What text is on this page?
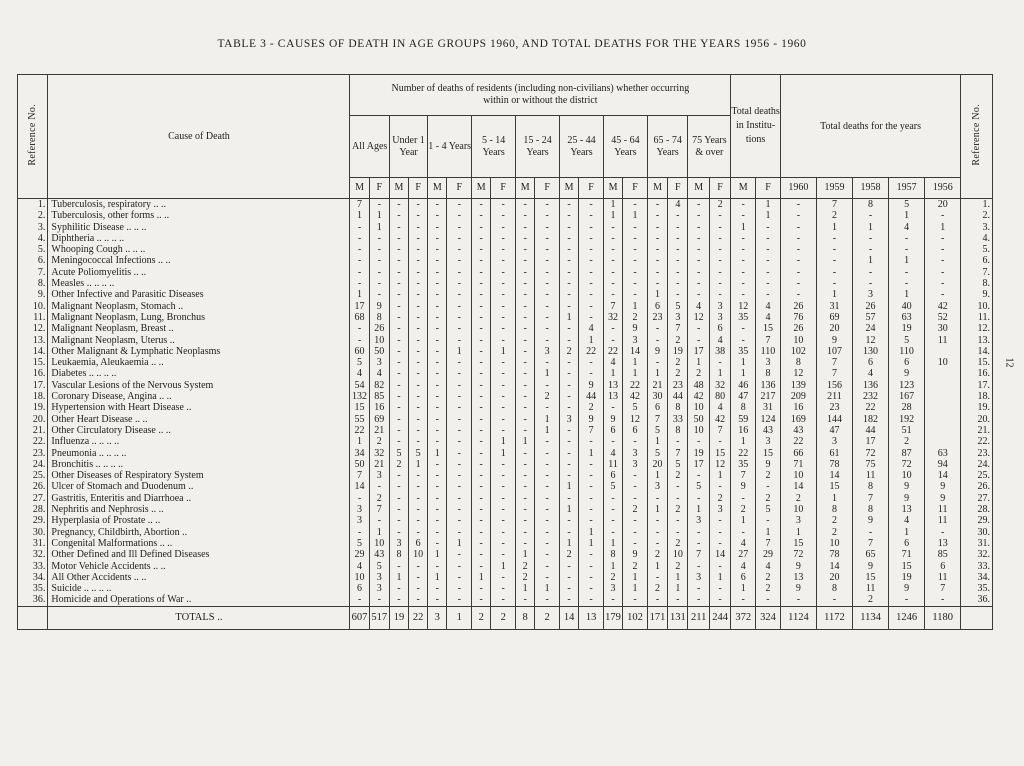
TABLE 3 - CAUSES OF DEATH IN AGE GROUPS 1960, AND TOTAL DEATHS FOR THE YEARS 1956 - 1960
12
Reference No.	Cause of Death	Number of deaths of residents (including non-civilians) whether occurring within or without the district																		Total deaths in Institu- tions		Total deaths for the years					Reference No.
		All Ages		Under 1 Year		1 - 4 Years		5 - 14 Years		15 - 24 Years		25 - 44 Years		45 - 64 Years		65 - 74 Years		75 Years & over									
		M	F	M	F	M	F	M	F	M	F	M	F	M	F	M	F	M	F	M	F	1960	1959	1958	1957	1956	
1.	Tuberculosis, respiratory .. ..	7	-	-	-	-	-	-	-	-	-	-	-	1	-	-	4	-	2	-	1	-	7	8	5	20	1.
2.	Tuberculosis, other forms .. ..	1	1	-	-	-	-	-	-	-	-	-	-	1	1	-	-	-	-	-	1	-	2	-	1	-	2.
3.	Syphilitic Disease .. .. ..	-	1	-	-	-	-	-	-	-	-	-	-	-	-	-	-	-	-	1	-	-	1	1	4	1	3.
4.	Diphtheria .. .. .. ..	-	-	-	-	-	-	-	-	-	-	-	-	-	-	-	-	-	-	-	-	-	-	-	-	-	4.
5.	Whooping Cough .. .. ..	-	-	-	-	-	-	-	-	-	-	-	-	-	-	-	-	-	-	-	-	-	-	-	-	-	5.
6.	Meningococcal Infections .. ..	-	-	-	-	-	-	-	-	-	-	-	-	-	-	-	-	-	-	-	-	-	-	1	1	-	6.
7.	Acute Poliomyelitis .. ..	-	-	-	-	-	-	-	-	-	-	-	-	-	-	-	-	-	-	-	-	-	-	-	-	-	7.
8.	Measles .. .. .. ..	-	-	-	-	-	-	-	-	-	-	-	-	-	-	-	-	-	-	-	-	-	-	-	-	-	8.
9.	Other Infective and Parasitic Diseases	1	-	-	-	-	-	-	-	-	-	-	-	-	-	1	-	-	-	-	-	-	1	3	1	-	9.
10.	Malignant Neoplasm, Stomach ..	17	9	-	-	-	-	-	-	-	-	-	-	7	1	6	5	4	3	12	4	26	31	26	40	42	10.
11.	Malignant Neoplasm, Lung, Bronchus	68	8	-	-	-	-	-	-	-	-	1	-	32	2	23	3	12	3	35	4	76	69	57	63	52	11.
12.	Malignant Neoplasm, Breast ..	-	26	-	-	-	-	-	-	-	-	-	4	-	9	-	7	-	6	-	15	26	20	24	19	30	12.
13.	Malignant Neoplasm, Uterus ..	-	10	-	-	-	-	-	-	-	-	-	1	-	3	-	2	-	4	-	7	10	9	12	5	11	13.
14.	Other Malignant & Lymphatic Neoplasms	60	50	-	-	-	1	-	1	-	3	2	22	22	14	9	19	17	38	35	110	102	107	130	110		14.
15.	Leukaemia, Aleukaemia .. ..	5	3	-	-	-	-	-	-	-	-	-	-	4	1	-	2	1	-	1	3	8	7	6	6	10	15.
16.	Diabetes .. .. .. ..	4	4	-	-	-	-	-	-	-	1	-	-	1	1	1	2	2	1	1	8	12	7	4	9		16.
17.	Vascular Lesions of the Nervous System	54	82	-	-	-	-	-	-	-	-	-	9	13	22	21	23	48	32	46	136	139	156	136	123		17.
18.	Coronary Disease, Angina .. ..	132	85	-	-	-	-	-	-	-	2	-	44	13	42	30	44	42	80	47	217	209	211	232	167		18.
19.	Hypertension with Heart Disease ..	15	16	-	-	-	-	-	-	-	-	-	2	-	5	6	8	10	4	8	31	16	23	22	28		19.
20.	Other Heart Disease .. ..	55	69	-	-	-	-	-	-	-	1	3	9	9	12	7	33	50	42	59	124	169	144	182	192		20.
21.	Other Circulatory Disease .. ..	22	21	-	-	-	-	-	-	-	1	-	7	6	6	5	8	10	7	16	43	43	47	44	51		21.
22.	Influenza .. .. .. ..	1	2	-	-	-	-	-	1	1	-	-	-	-	-	1	-	-	-	1	3	22	3	17	2		22.
23.	Pneumonia .. .. .. ..	34	32	5	5	1	-	-	1	-	-	-	1	4	3	5	7	19	15	22	15	66	61	72	87	63	23.
24.	Bronchitis .. .. .. ..	50	21	2	1	-	-	-	-	-	-	-	-	11	3	20	5	17	12	35	9	71	78	75	72	94	24.
25.	Other Diseases of Respiratory System	7	3	-	-	-	-	-	-	-	-	-	-	6	-	1	2	-	1	7	2	10	14	11	10	14	25.
26.	Ulcer of Stomach and Duodenum ..	14	-	-	-	-	-	-	-	-	-	1	-	5	-	3	-	5	-	9	-	14	15	8	9	9	26.
27.	Gastritis, Enteritis and Diarrhoea ..	-	2	-	-	-	-	-	-	-	-	-	-	-	-	-	-	-	2	-	2	2	1	7	9	9	27.
28.	Nephritis and Nephrosis .. ..	3	7	-	-	-	-	-	-	-	-	1	-	-	2	1	2	1	3	2	5	10	8	8	13	11	28.
29.	Hyperplasia of Prostate .. ..	3	-	-	-	-	-	-	-	-	-	-	-	-	-	-	-	3	-	1	-	3	2	9	4	11	29.
30.	Pregnancy, Childbirth, Abortion ..	-	1	-	-	-	-	-	-	-	-	-	1	-	-	-	-	-	-	-	1	1	2	-	1	-	30.
31.	Congenital Malformations .. ..	5	10	3	6	-	1	-	-	-	-	1	1	1	-	-	2	-	-	4	7	15	10	7	6	13	31.
32.	Other Defined and Ill Defined Diseases	29	43	8	10	1	-	-	-	1	-	2	-	8	9	2	10	7	14	27	29	72	78	65	71	85	32.
33.	Motor Vehicle Accidents .. ..	4	5	-	-	-	-	-	1	2	-	-	-	1	2	1	2	-	-	4	4	9	14	9	15	6	33.
34.	All Other Accidents .. ..	10	3	1	-	1	-	1	-	2	-	-	-	2	1	-	1	3	1	6	2	13	20	15	19	11	34.
35.	Suicide .. .. .. ..	6	3	-	-	-	-	-	-	1	1	-	-	3	1	2	1	-	-	1	2	9	8	11	9	7	35.
36.	Homicide and Operations of War ..	-	-	-	-	-	-	-	-	-	-	-	-	-	-	-	-	-	-	-	-	-	-	2	-	-	36.
	TOTALS ..	607	517	19	22	3	1	2	2	8	2	14	13	179	102	171	131	211	244	372	324	1124	1172	1134	1246	1180	
